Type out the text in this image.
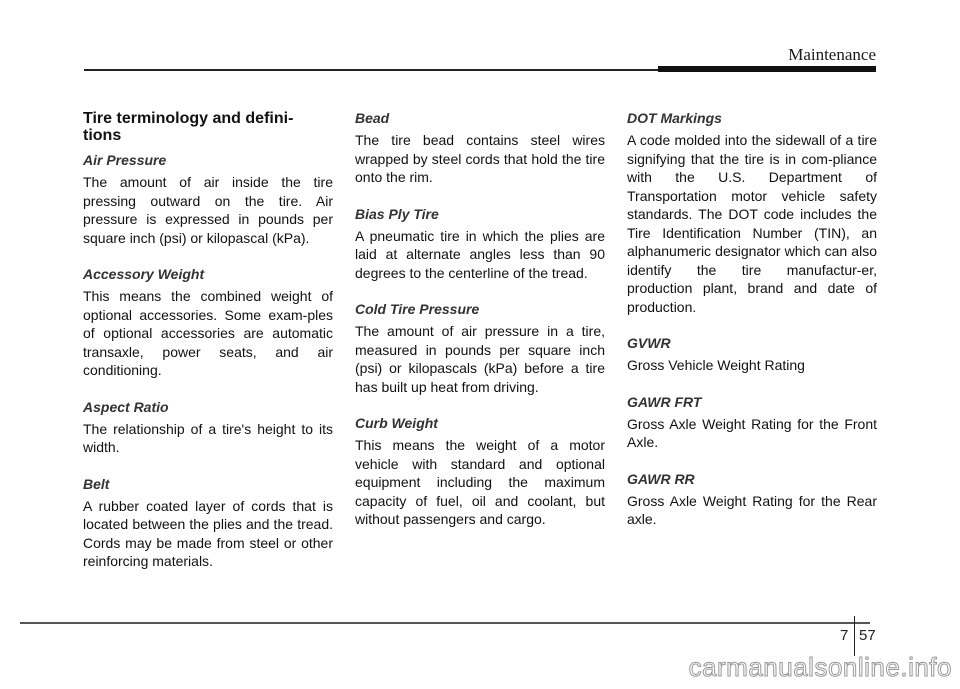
Maintenance
Tire terminology and defini-
tions
Air Pressure
The amount of air inside the tire pressing outward on the tire. Air pressure is expressed in pounds per square inch (psi) or kilopascal (kPa).
Accessory Weight
This means the combined weight of optional accessories. Some exam-ples of optional accessories are automatic transaxle, power seats, and air conditioning.
Aspect Ratio
The relationship of a tire's height to its width.
Belt
A rubber coated layer of cords that is located between the plies and the tread. Cords may be made from steel or other reinforcing materials.
Bead
The tire bead contains steel wires wrapped by steel cords that hold the tire onto the rim.
Bias Ply Tire
A pneumatic tire in which the plies are laid at alternate angles less than 90 degrees to the centerline of the tread.
Cold Tire Pressure
The amount of air pressure in a tire, measured in pounds per square inch (psi) or kilopascals (kPa) before a tire has built up heat from driving.
Curb Weight
This means the weight of a motor vehicle with standard and optional equipment including the maximum capacity of fuel, oil and coolant, but without passengers and cargo.
DOT Markings
A code molded into the sidewall of a tire signifying that the tire is in com-pliance with the U.S. Department of Transportation motor vehicle safety standards. The DOT code includes the Tire Identification Number (TIN), an alphanumeric designator which can also identify the tire manufactur-er, production plant, brand and date of production.
GVWR
Gross Vehicle Weight Rating
GAWR FRT
Gross Axle Weight Rating for the Front Axle.
GAWR RR
Gross Axle Weight Rating for the Rear axle.
7 57
carmanualsonline.info
